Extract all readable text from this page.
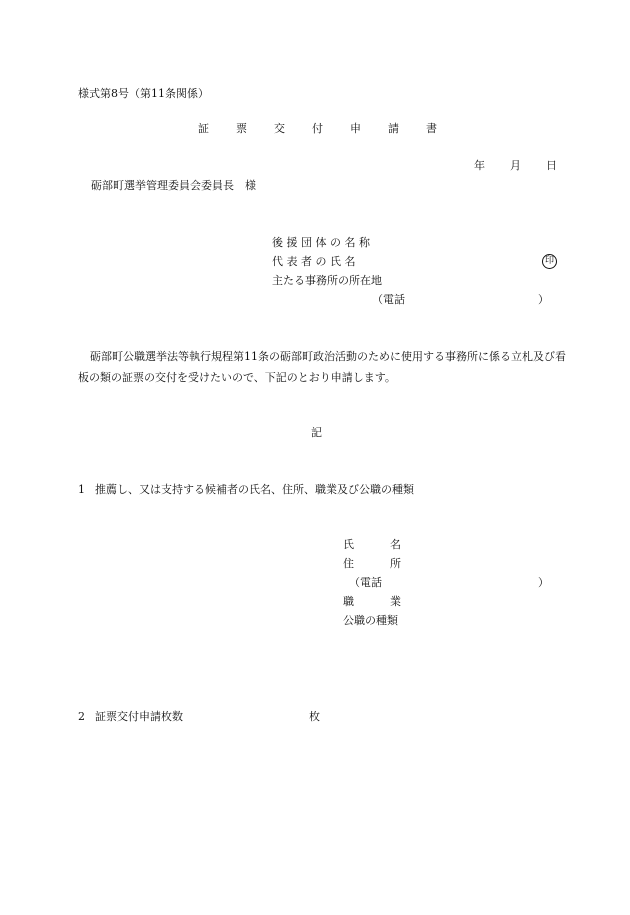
様式第8号（第11条関係）
証 票 交 付 申 請 書
年 月 日
砺部町選挙管理委員会委員長　様
後 援 団 体 の 名 称
代 表 者 の 氏 名	印
主たる事務所の所在地
（電話	）
砺部町公職選挙法等執行規程第11条の砺部町政治活動のために使用する事務所に係る立札及び看板の類の証票の交付を受けたいので、下記のとおり申請します。
記
1 推薦し、又は支持する候補者の氏名、住所、職業及び公職の種類
氏	名
住	所
（電話	）
職	業
公職の種類
2 証票交付申請枚数	枚
